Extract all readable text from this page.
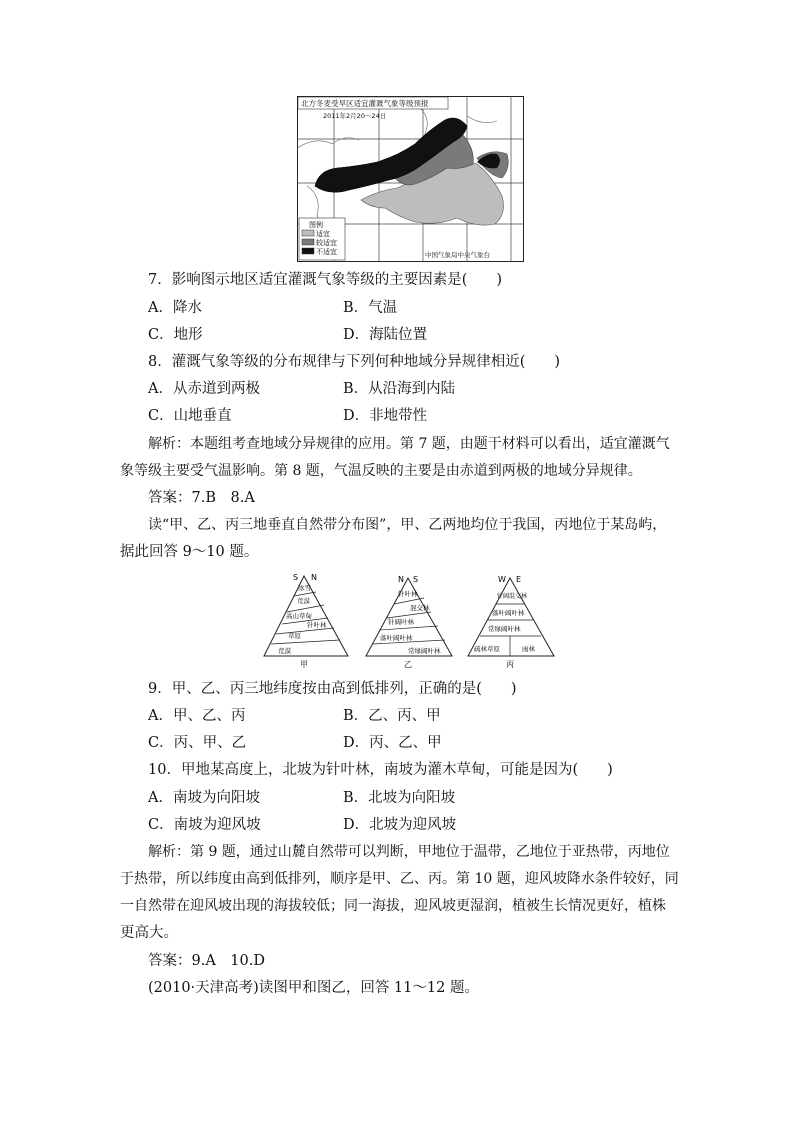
北方冬麦受旱区适宜灌溉气象等级预报
2011年2月20～24日
图例
适宜
较适宜
不适宜	中国气象局中央气象台
7．影响图示地区适宜灌溉气象等级的主要因素是(　　)
A．降水	B．气温
C．地形	D．海陆位置
8．灌溉气象等级的分布规律与下列何种地域分异规律相近(　　)
A．从赤道到两极	B．从沿海到内陆
C．山地垂直	D．非地带性
解析：本题组考查地域分异规律的应用。第 7 题，由题干材料可以看出，适宜灌溉气
象等级主要受气温影响。第 8 题，气温反映的主要是由赤道到两极的地域分异规律。
答案：7.B　8.A
读“甲、乙、丙三地垂直自然带分布图”，甲、乙两地均位于我国，丙地位于某岛屿，
据此回答 9～10 题。
S N
冰雪
荒漠
高山草甸
针叶林
草原
荒漠
甲
N S
针叶林
混交林
针阔叶林
落叶阔叶林
常绿阔叶林
乙
W E
针阔混交林
落叶阔叶林
常绿阔叶林
疏林草原	雨林
丙
9．甲、乙、丙三地纬度按由高到低排列，正确的是(　　)
A．甲、乙、丙	B．乙、丙、甲
C．丙、甲、乙	D．丙、乙、甲
10．甲地某高度上，北坡为针叶林，南坡为灌木草甸，可能是因为(　　)
A．南坡为向阳坡	B．北坡为向阳坡
C．南坡为迎风坡	D．北坡为迎风坡
解析：第 9 题，通过山麓自然带可以判断，甲地位于温带，乙地位于亚热带，丙地位
于热带，所以纬度由高到低排列，顺序是甲、乙、丙。第 10 题，迎风坡降水条件较好，同
一自然带在迎风坡出现的海拔较低；同一海拔，迎风坡更湿润，植被生长情况更好，植株
更高大。
答案：9.A　10.D
(2010·天津高考)读图甲和图乙，回答 11～12 题。
